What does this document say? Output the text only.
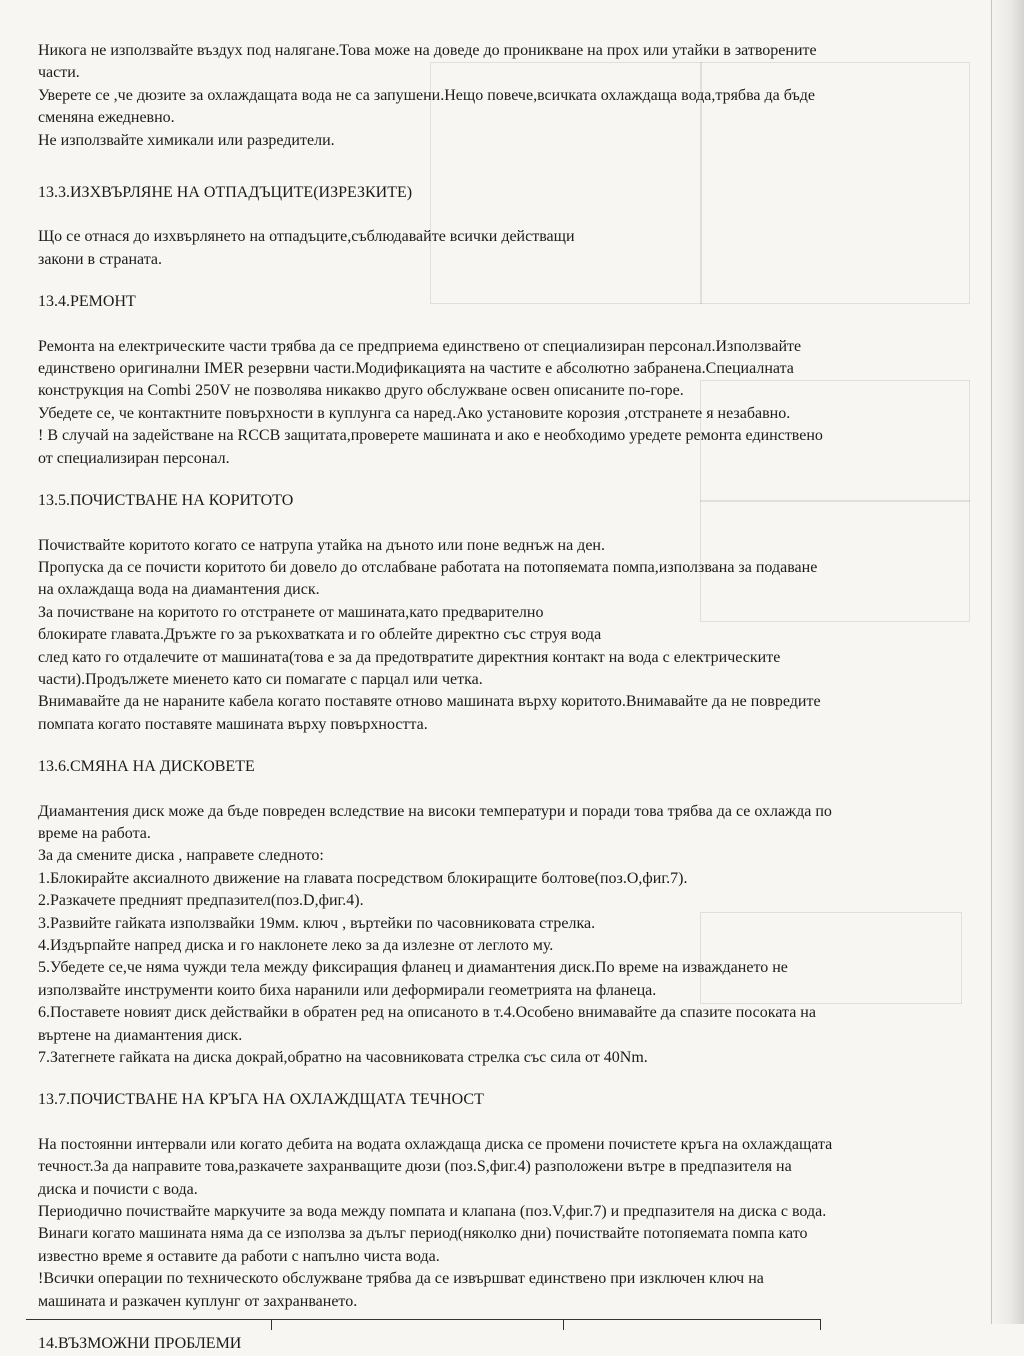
Никога не използвайте въздух под налягане.Това може на доведе до проникване на прох или утайки в затворените
части.
Уверете се ,че дюзите за охлаждащата вода не са запушени.Нещо повече,всичката охлаждаща вода,трябва да бъде
сменяна ежедневно.
Не използвайте химикали или разредители.
13.3.ИЗХВЪРЛЯНЕ НА ОТПАДЪЦИТЕ(ИЗРЕЗКИТЕ)
Що се отнася до изхвърлянето на отпадъците,съблюдавайте всички действащи
закони в страната.
13.4.РЕМОНТ
Ремонта на електрическите части трябва да се предприема единствено от специализиран персонал.Използвайте
единствено оригинални IMER резервни части.Модификацията на частите е абсолютно забранена.Специалната
конструкция на Combi 250V не позволява никакво друго обслужване освен описаните по-горе.
Убедете се, че контактните повърхности в куплунга са наред.Ако установите корозия ,отстранете я незабавно.
! В случай на задействане на RCCB защитата,проверете машината и ако е необходимо уредете ремонта единствено
от специализиран персонал.
13.5.ПОЧИСТВАНЕ НА КОРИТОТО
Почиствайте коритото когато се натрупа утайка на дъното или поне веднъж на ден.
Пропуска да се почисти коритото би довело до отслабване работата на потопяемата помпа,използвана за подаване
на охлаждаща вода на диамантения диск.
За почистване на коритото го отстранете от машината,като предварително
блокирате главата.Дръжте го за ръкохватката и го облейте директно със струя вода
след като го отдалечите от машината(това е за да предотвратите директния контакт на вода с електрическите
части).Продължете миенето като си помагате с парцал или четка.
Внимавайте да не нараните кабела когато поставяте отново машината върху коритото.Внимавайте да не повредите
помпата когато поставяте машината върху повърхността.
13.6.СМЯНА НА ДИСКОВЕТЕ
Диамантения диск може да бъде повреден вследствие на високи температури и поради това трябва да се охлажда по
време на работа.
За да смените диска , направете следното:
1.Блокирайте аксиалното движение на главата посредством блокиращите болтове(поз.О,фиг.7).
2.Разкачете предният предпазител(поз.D,фиг.4).
3.Развийте гайката използвайки 19мм. ключ , въртейки по часовниковата стрелка.
4.Издърпайте напред диска и го наклонете леко за да излезне от леглото му.
5.Убедете се,че няма чужди тела между фиксиращия фланец и диамантения диск.По време на изваждането не
използвайте инструменти които биха наранили или деформирали геометрията на фланеца.
6.Поставете новият диск действайки в обратен ред на описаното в т.4.Особено внимавайте да спазите посоката на
въртене на диамантения диск.
7.Затегнете гайката на диска докрай,обратно на часовниковата стрелка със сила от 40Nm.
13.7.ПОЧИСТВАНЕ НА КРЪГА НА ОХЛАЖДЩАТА ТЕЧНОСТ
На постоянни интервали или когато дебита на водата охлаждаща диска се промени почистете кръга на охлаждащата
течност.За да направите това,разкачете захранващите дюзи (поз.S,фиг.4) разположени вътре в предпазителя на
диска и почисти с вода.
Периодично почиствайте маркучите за вода между помпата и клапана (поз.V,фиг.7) и предпазителя на диска с вода.
Винаги когато машината няма да се използва за дълъг период(няколко дни) почиствайте потопяемата помпа като
известно време я оставите да работи с напълно чиста вода.
!Всички операции по техническото обслужване трябва да се извършват единствено при изключен ключ на
машината и разкачен куплунг от захранването.
14.ВЪЗМОЖНИ ПРОБЛЕМИ
